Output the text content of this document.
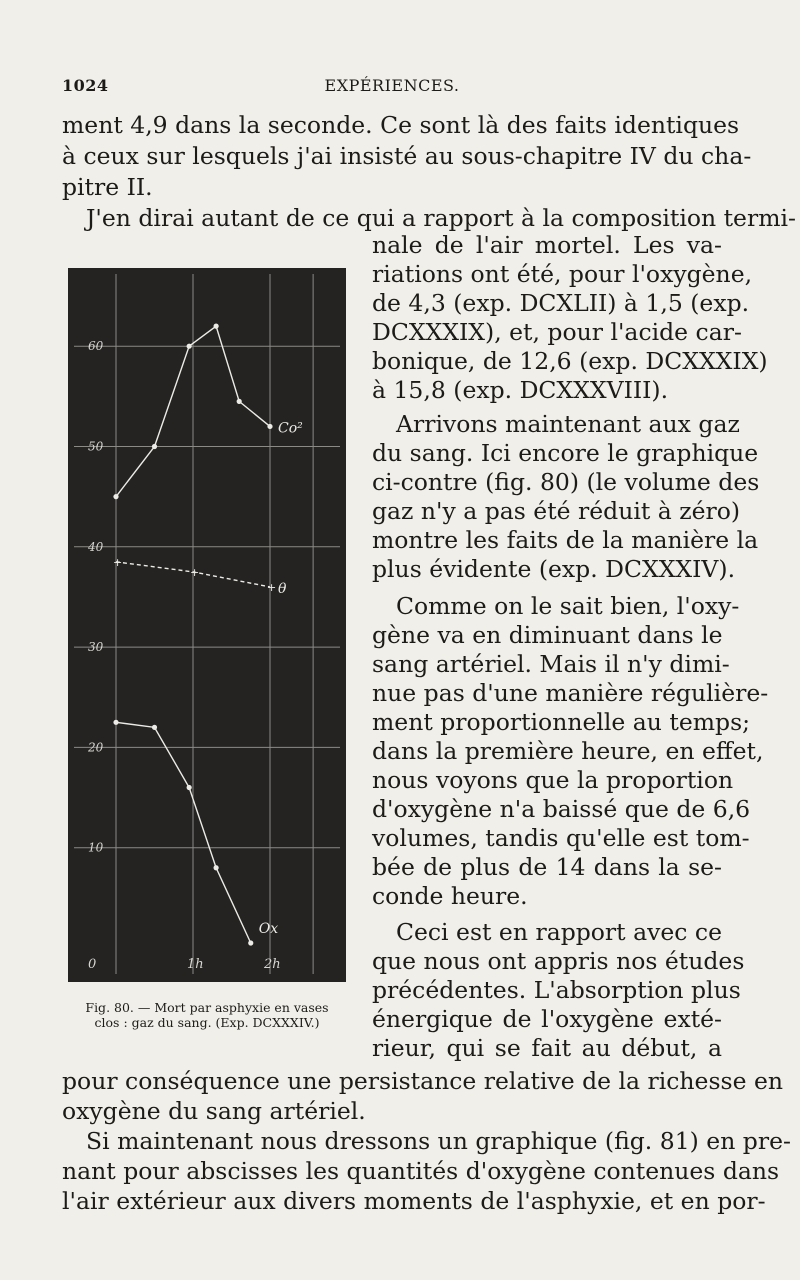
1024	EXPÉRIENCES.
ment 4,9 dans la seconde. Ce sont là des faits identiques
à ceux sur lesquels j'ai insisté au sous-chapitre IV du cha-
pitre II.
J'en dirai autant de ce qui a rapport à la composition termi-
nale de l'air mortel. Les va-
riations ont été, pour l'oxygène,
de 4,3 (exp. DCXLII) à 1,5 (exp.
DCXXXIX), et, pour l'acide car-
bonique, de 12,6 (exp. DCXXXIX)
à 15,8 (exp. DCXXXVIII).
Arrivons maintenant aux gaz
du sang. Ici encore le graphique
ci-contre (fig. 80) (le volume des
gaz n'y a pas été réduit à zéro)
montre les faits de la manière la
plus évidente (exp. DCXXXIV).
Comme on le sait bien, l'oxy-
gène va en diminuant dans le
sang artériel. Mais il n'y dimi-
nue pas d'une manière régulière-
ment proportionnelle au temps;
dans la première heure, en effet,
nous voyons que la proportion
d'oxygène n'a baissé que de 6,6
volumes, tandis qu'elle est tom-
bée de plus de 14 dans la se-
conde heure.
Ceci est en rapport avec ce
que nous ont appris nos études
précédentes. L'absorption plus
énergique de l'oxygène exté-
rieur, qui se fait au début, a
pour conséquence une persistance relative de la richesse en
oxygène du sang artériel.
Si maintenant nous dressons un graphique (fig. 81) en pre-
nant pour abscisses les quantités d'oxygène contenues dans
l'air extérieur aux divers moments de l'asphyxie, et en por-
10
20
30
40
50
60
0	1h	2h
Co²
+
+
+ θ
Ox
Fig. 80. — Mort par asphyxie en vases
clos : gaz du sang. (Exp. DCXXXIV.)
